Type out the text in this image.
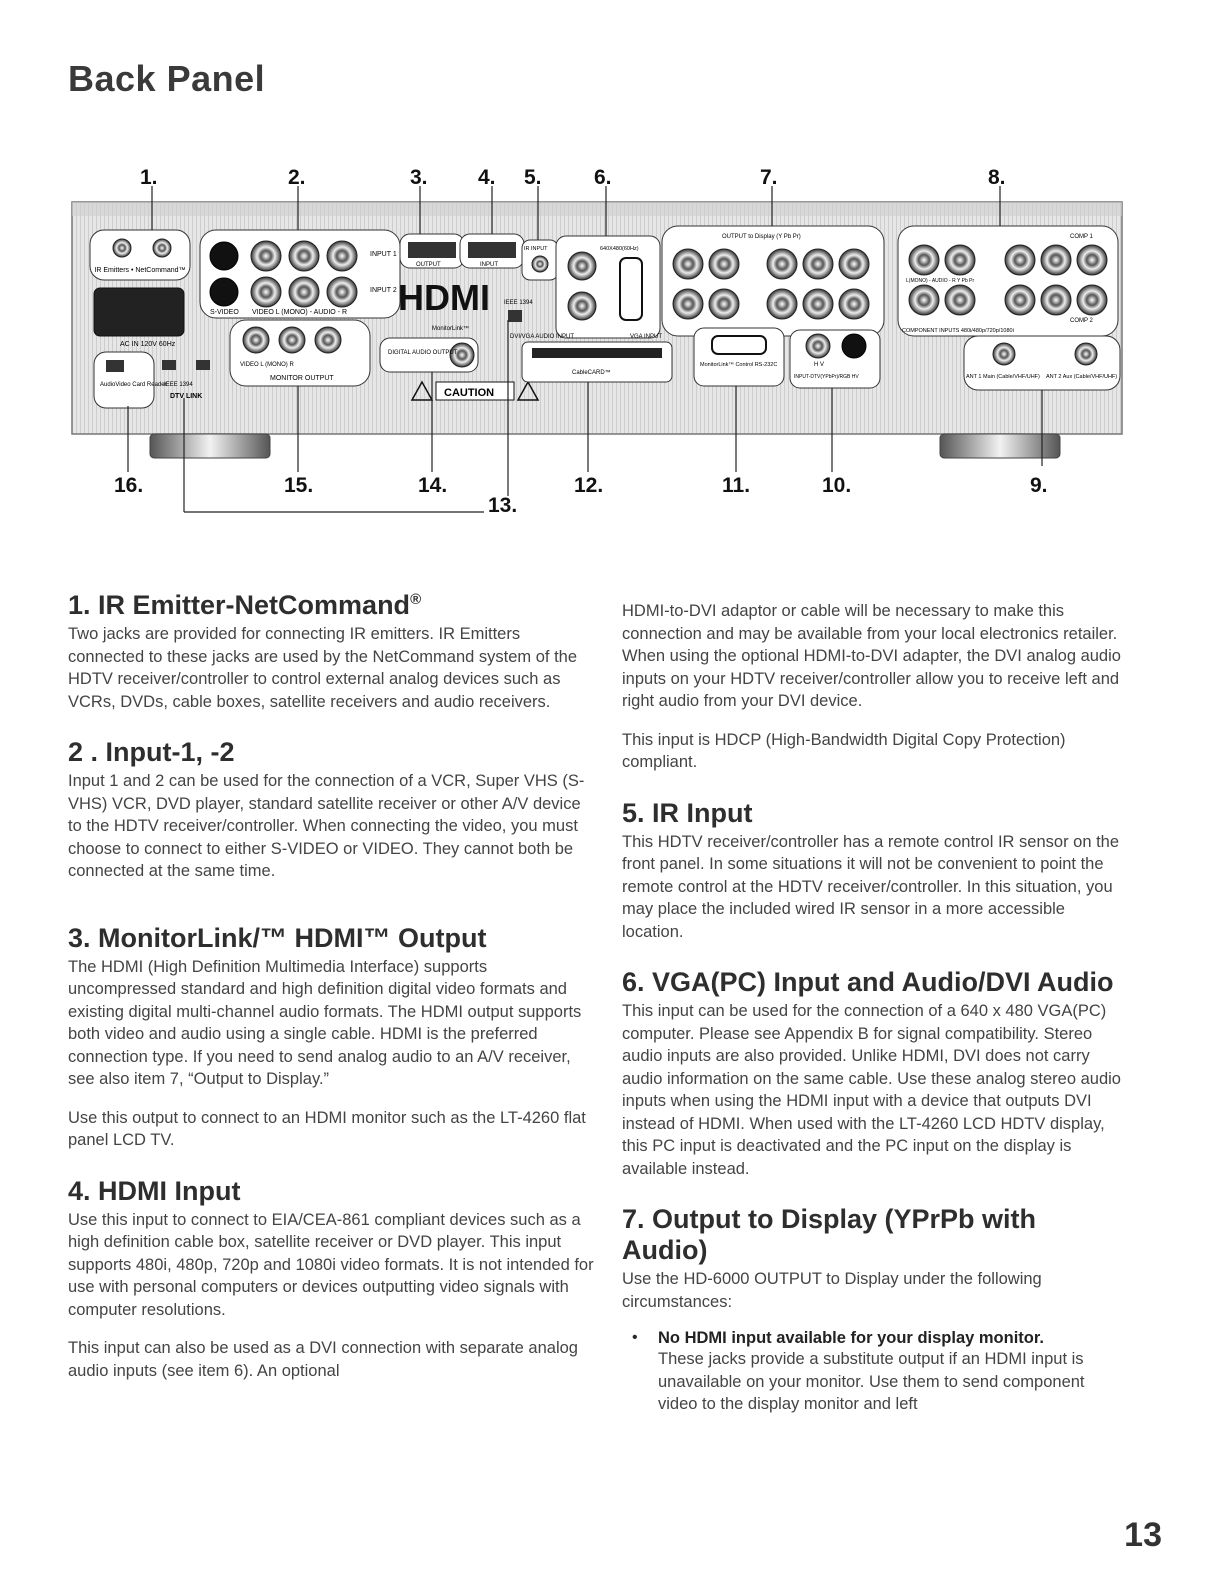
Back Panel
IR Emitters • NetCommand™
AC IN 120V 60Hz
AudioVideo Card Reader
IEEE 1394
DTV LINK
INPUT 1
INPUT 2
S-VIDEO VIDEO L (MONO) - AUDIO - R
VIDEO L (MONO) R
MONITOR OUTPUT
OUTPUT	INPUT
HDMI
MonitorLink™
IEEE 1394
DIGITAL AUDIO OUTPUT
CAUTION
IR INPUT	640X480(60Hz)
DVI/VGA AUDIO INPUT	VGA INPUT
CableCARD™
OUTPUT to Display (Y Pb Pr)
MonitorLink™ Control RS-232C	H V
INPUT-DTV(YPbPr)/RGB HV
COMP 1
L(MONO) - AUDIO - R Y Pb Pr
COMP 2
COMPONENT INPUTS 480i/480p/720p/1080i
ANT 1 Main (Cable/VHF/UHF) ANT 2 Aux (Cable/VHF/UHF)
1.	2.	3. 4. 5. 6.	7.	8.
9.
10.
11.
12.
13.
14.
15.
16.
1. IR Emitter-NetCommand®

Two jacks are provided for connecting IR emitters. IR Emitters connected to these jacks are used by the NetCommand system of the HDTV receiver/controller to control external analog devices such as VCRs, DVDs, cable boxes, satellite receivers and audio receivers.

2 . Input-1, -2

Input 1 and 2 can be used for the connection of a VCR, Super VHS (S-VHS) VCR, DVD player, standard satellite receiver or other A/V device to the HDTV receiver/controller. When connecting the video, you must choose to connect to either S-VIDEO or VIDEO. They cannot both be connected at the same time.

3. MonitorLink/™ HDMI™ Output

The HDMI (High Definition Multimedia Interface) supports uncompressed standard and high definition digital video formats and existing digital multi-channel audio formats. The HDMI output supports both video and audio using a single cable. HDMI is the preferred connection type. If you need to send analog audio to an A/V receiver, see also item 7, “Output to Display.”

Use this output to connect to an HDMI monitor such as the LT-4260 flat panel LCD TV.

4. HDMI Input

Use this input to connect to EIA/CEA-861 compliant devices such as a high definition cable box, satellite receiver or DVD player. This input supports 480i, 480p, 720p and 1080i video formats. It is not intended for use with personal computers or devices outputting video signals with computer resolutions.

This input can also be used as a DVI connection with separate analog audio inputs (see item 6). An optional

HDMI-to-DVI adaptor or cable will be necessary to make this connection and may be available from your local electronics retailer. When using the optional HDMI-to-DVI adapter, the DVI analog audio inputs on your HDTV receiver/controller allow you to receive left and right audio from your DVI device.

This input is HDCP (High-Bandwidth Digital Copy Protection) compliant.

5. IR Input

This HDTV receiver/controller has a remote control IR sensor on the front panel. In some situations it will not be convenient to point the remote control at the HDTV receiver/controller. In this situation, you may place the included wired IR sensor in a more accessible location.

6. VGA(PC) Input and Audio/DVI Audio

This input can be used for the connection of a 640 x 480 VGA(PC) computer. Please see Appendix B for signal compatibility. Stereo audio inputs are also provided. Unlike HDMI, DVI does not carry audio information on the same cable. Use these analog stereo audio inputs when using the HDMI input with a device that outputs DVI instead of HDMI. When used with the LT-4260 LCD HDTV display, this PC input is deactivated and the PC input on the display is available instead.

7. Output to Display (YPrPb with Audio)

Use the HD-6000 OUTPUT to Display under the following circumstances:

• No HDMI input available for your display monitor.

These jacks provide a substitute output if an HDMI input is unavailable on your monitor. Use them to send component video to the display monitor and left

13
